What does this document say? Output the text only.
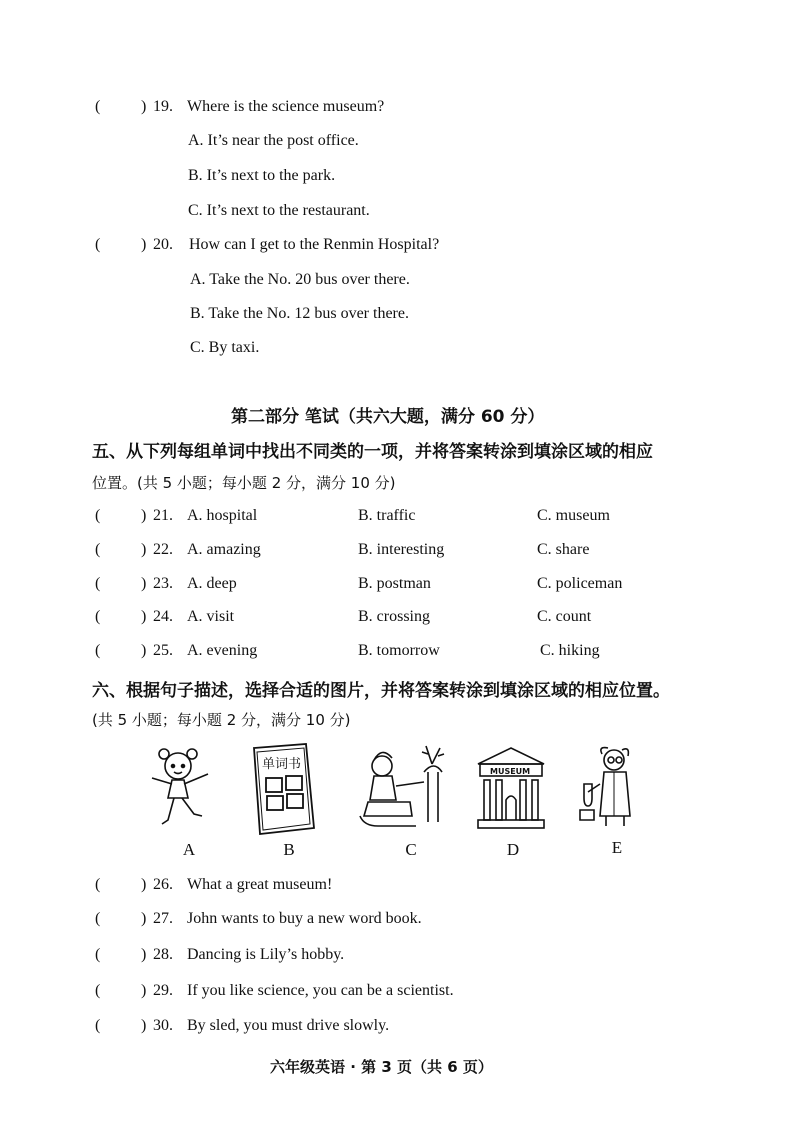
(	) 19. Where is the science museum?
A. It’s near the post office.
B. It’s next to the park.
C. It’s next to the restaurant.
(	) 20. How can I get to the Renmin Hospital?
A. Take the No. 20 bus over there.
B. Take the No. 12 bus over there.
C. By taxi.
第二部分 笔试（共六大题，满分 60 分）
五、从下列每组单词中找出不同类的一项，并将答案转涂到填涂区域的相应
位置。(共 5 小题；每小题 2 分，满分 10 分)
(	) 21. A. hospital	B. traffic	C. museum
(	) 22. A. amazing	B. interesting	C. share
(	) 23. A. deep	B. postman	C. policeman
(	) 24. A. visit	B. crossing	C. count
(	) 25. A. evening	B. tomorrow	C. hiking
六、根据句子描述，选择合适的图片，并将答案转涂到填涂区域的相应位置。
(共 5 小题；每小题 2 分，满分 10 分)
A
单词书
B	C
MUSEUM
D	E
(	) 26. What a great museum!
(	) 27. John wants to buy a new word book.
(	) 28. Dancing is Lily’s hobby.
(	) 29. If you like science, you can be a scientist.
(	) 30. By sled, you must drive slowly.
六年级英语 · 第 3 页（共 6 页）
